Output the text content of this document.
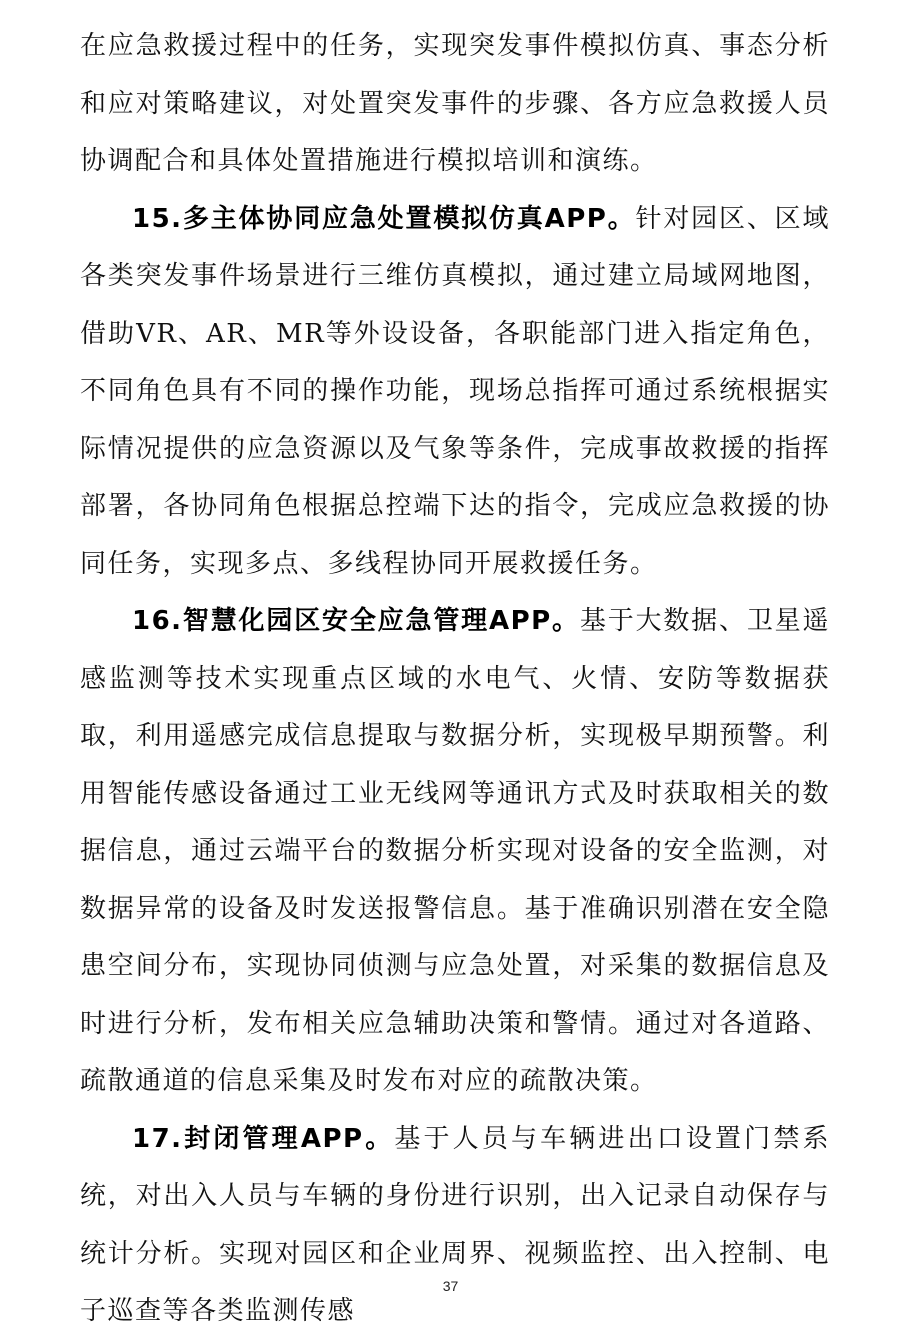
在应急救援过程中的任务，实现突发事件模拟仿真、事态分析和应对策略建议，对处置突发事件的步骤、各方应急救援人员协调配合和具体处置措施进行模拟培训和演练。

15.多主体协同应急处置模拟仿真APP。针对园区、区域各类突发事件场景进行三维仿真模拟，通过建立局域网地图，借助VR、AR、MR等外设设备，各职能部门进入指定角色，不同角色具有不同的操作功能，现场总指挥可通过系统根据实际情况提供的应急资源以及气象等条件，完成事故救援的指挥部署，各协同角色根据总控端下达的指令，完成应急救援的协同任务，实现多点、多线程协同开展救援任务。

16.智慧化园区安全应急管理APP。基于大数据、卫星遥感监测等技术实现重点区域的水电气、火情、安防等数据获取，利用遥感完成信息提取与数据分析，实现极早期预警。利用智能传感设备通过工业无线网等通讯方式及时获取相关的数据信息，通过云端平台的数据分析实现对设备的安全监测，对数据异常的设备及时发送报警信息。基于准确识别潜在安全隐患空间分布，实现协同侦测与应急处置，对采集的数据信息及时进行分析，发布相关应急辅助决策和警情。通过对各道路、疏散通道的信息采集及时发布对应的疏散决策。

17.封闭管理APP。基于人员与车辆进出口设置门禁系统，对出入人员与车辆的身份进行识别，出入记录自动保存与统计分析。实现对园区和企业周界、视频监控、出入控制、电子巡查等各类监测传感

37
